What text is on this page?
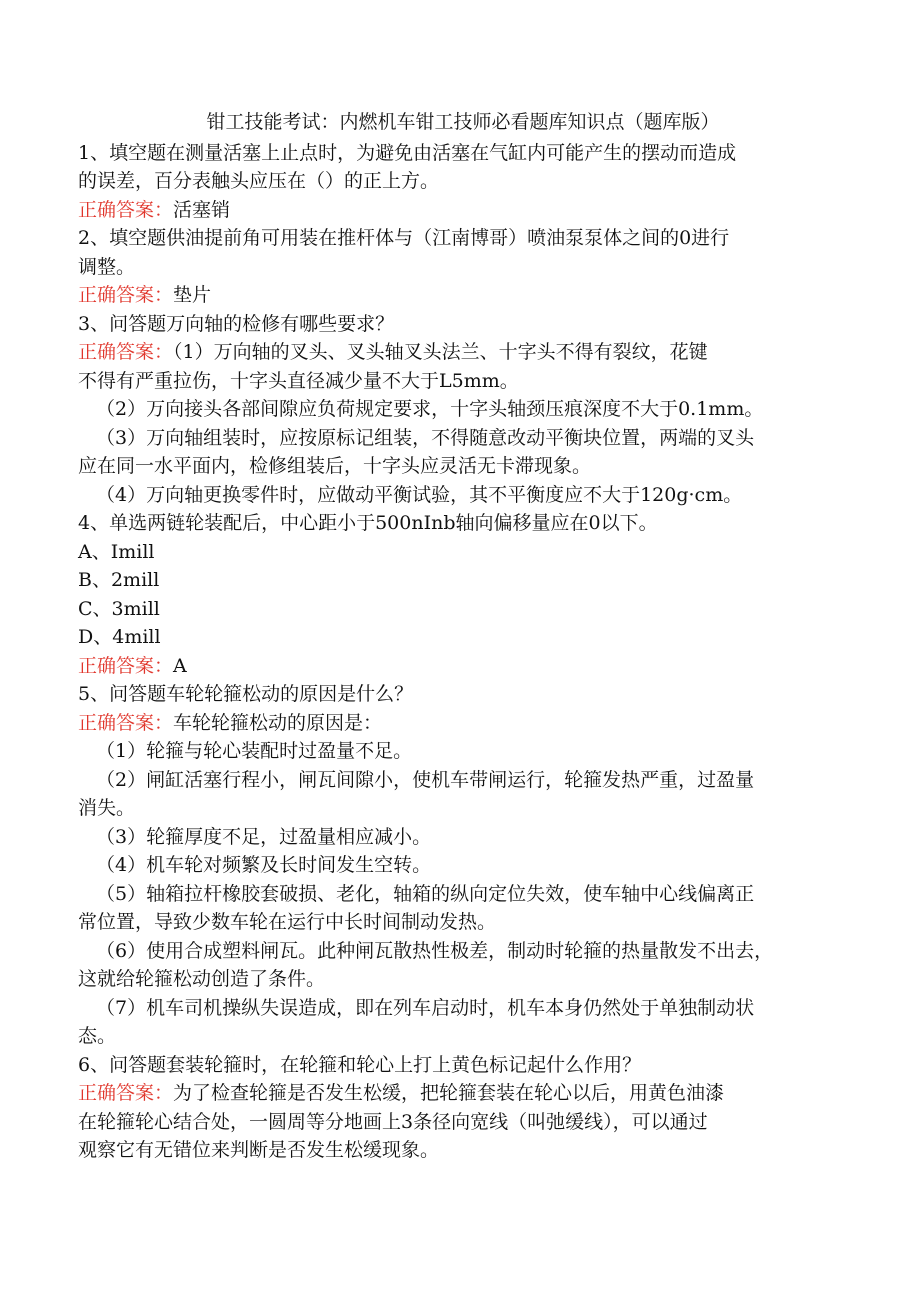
钳工技能考试：内燃机车钳工技师必看题库知识点（题库版）
1、填空题在测量活塞上止点时，为避免由活塞在气缸内可能产生的摆动而造成
的误差，百分表触头应压在（）的正上方。
正确答案：活塞销
2、填空题供油提前角可用装在推杆体与（江南博哥）喷油泵泵体之间的0进行
调整。
正确答案：垫片
3、问答题万向轴的检修有哪些要求？
正确答案：（1）万向轴的叉头、叉头轴叉头法兰、十字头不得有裂纹，花键
不得有严重拉伤，十字头直径减少量不大于L5mm。
（2）万向接头各部间隙应负荷规定要求，十字头轴颈压痕深度不大于0.1mm。
（3）万向轴组装时，应按原标记组装，不得随意改动平衡块位置，两端的叉头
应在同一水平面内，检修组装后，十字头应灵活无卡滞现象。
（4）万向轴更换零件时，应做动平衡试验，其不平衡度应不大于120g·cm。
4、单选两链轮装配后，中心距小于500nInb轴向偏移量应在0以下。
A、Imill
B、2mill
C、3mill
D、4mill
正确答案：A
5、问答题车轮轮箍松动的原因是什么？
正确答案：车轮轮箍松动的原因是：
（1）轮箍与轮心装配时过盈量不足。
（2）闸缸活塞行程小，闸瓦间隙小，使机车带闸运行，轮箍发热严重，过盈量
消失。
（3）轮箍厚度不足，过盈量相应减小。
（4）机车轮对频繁及长时间发生空转。
（5）轴箱拉杆橡胶套破损、老化，轴箱的纵向定位失效，使车轴中心线偏离正
常位置，导致少数车轮在运行中长时间制动发热。
（6）使用合成塑料闸瓦。此种闸瓦散热性极差，制动时轮箍的热量散发不出去，
这就给轮箍松动创造了条件。
（7）机车司机操纵失误造成，即在列车启动时，机车本身仍然处于单独制动状
态。
6、问答题套装轮箍时，在轮箍和轮心上打上黄色标记起什么作用？
正确答案：为了检查轮箍是否发生松缓，把轮箍套装在轮心以后，用黄色油漆
在轮箍轮心结合处，一圆周等分地画上3条径向宽线（叫弛缓线），可以通过
观察它有无错位来判断是否发生松缓现象。
